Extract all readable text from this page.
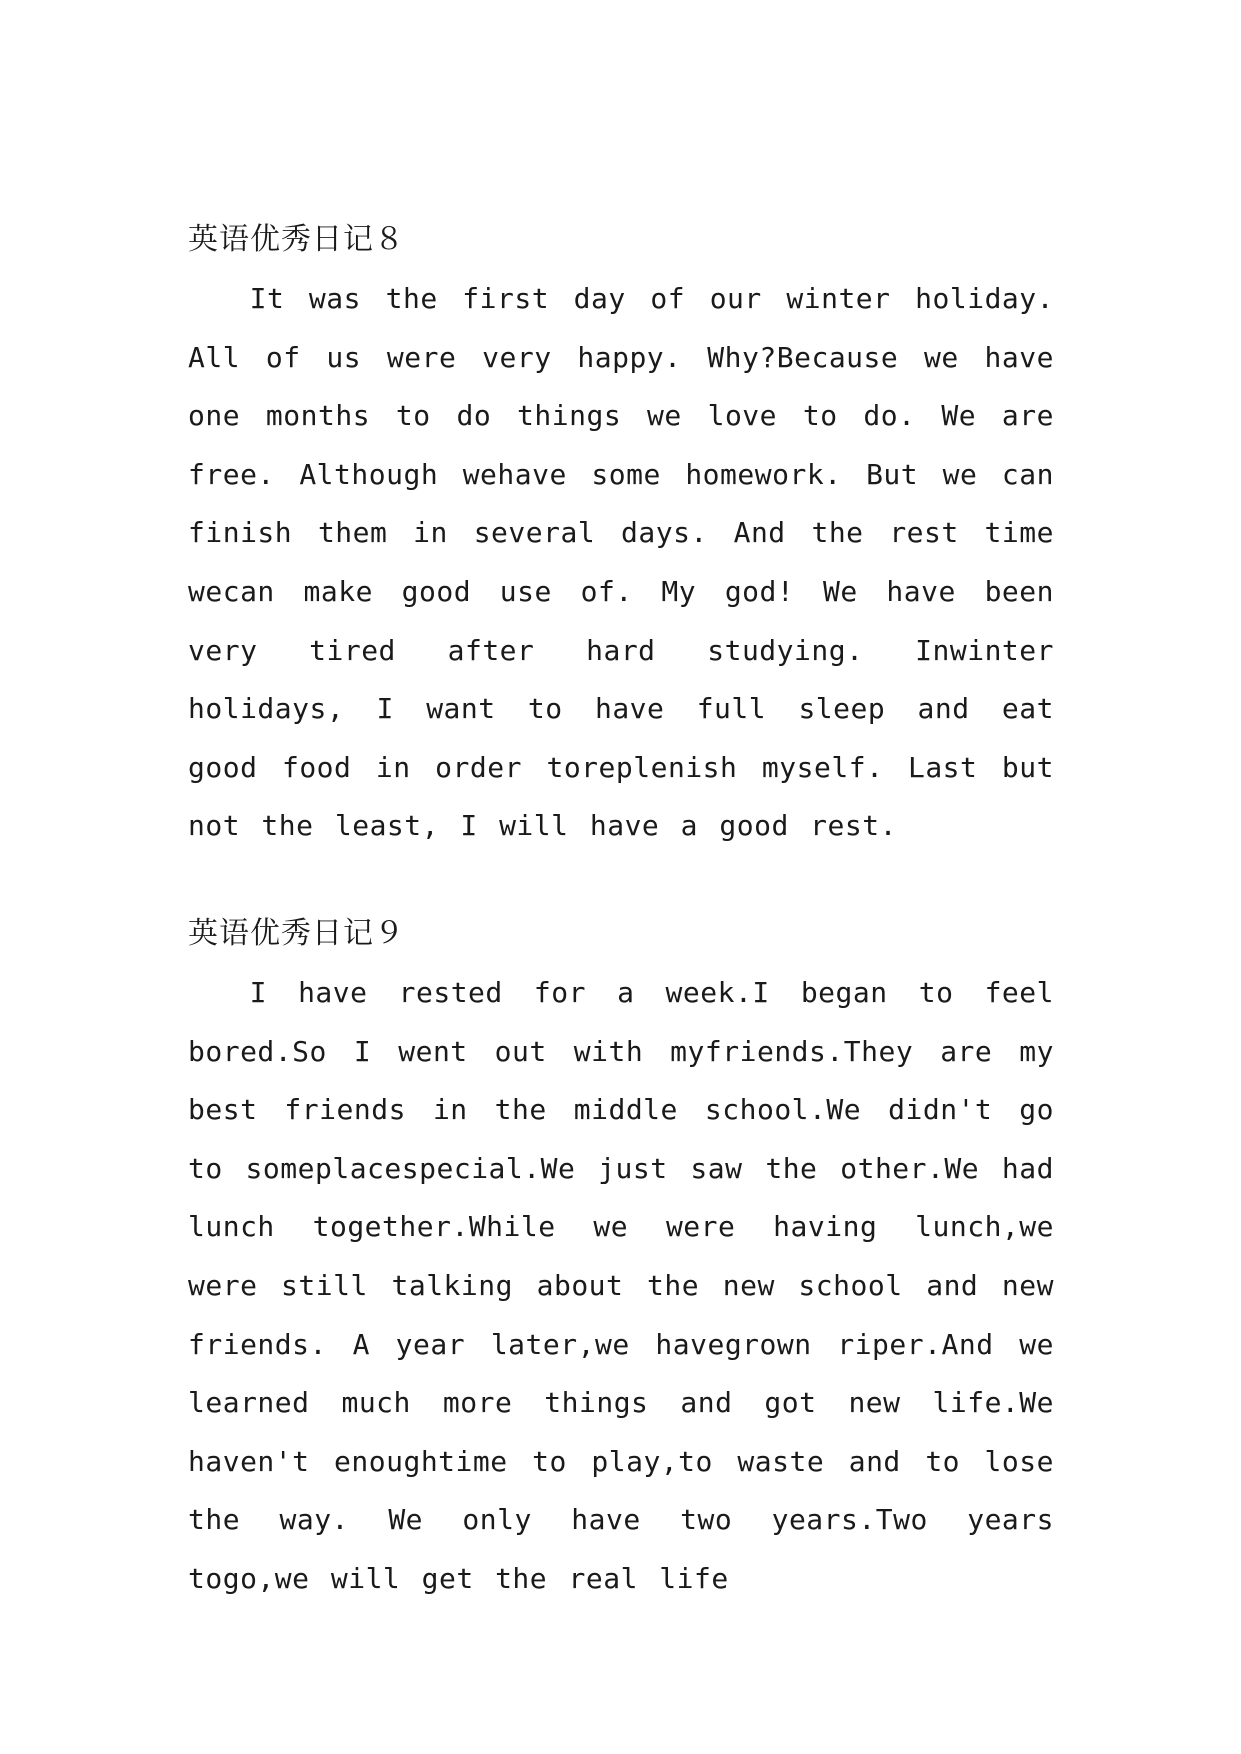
英语优秀日记８

It was the first day of our winter holiday. All of us were very happy. Why?Because we have one months to do things we love to do. We are free. Although wehave some homework. But we can finish them in several days. And the rest time wecan make good use of. My god! We have been very tired after hard studying. Inwinter holidays, I want to have full sleep and eat good food in order toreplenish myself. Last but not the least, I will have a good rest.

英语优秀日记９

I have rested for a week.I began to feel bored.So I went out with myfriends.They are my best friends in the middle school.We didn't go to someplacespecial.We just saw the other.We had lunch together.While we were having lunch,we were still talking about the new school and new friends. A year later,we havegrown riper.And we learned much more things and got new life.We haven't enoughtime to play,to waste and to lose the way. We only have two years.Two years togo,we will get the real life
